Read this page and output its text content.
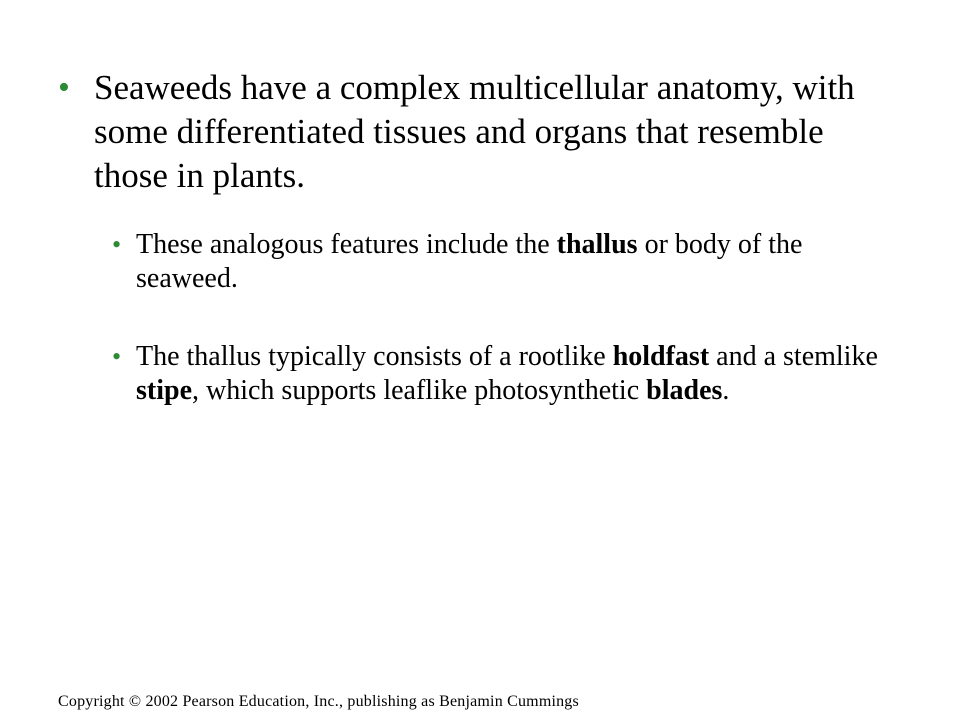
• Seaweeds have a complex multicellular anatomy, with some differentiated tissues and organs that resemble those in plants.

• These analogous features include the thallus or body of the seaweed.

• The thallus typically consists of a rootlike holdfast and a stemlike stipe, which supports leaflike photosynthetic blades.

Copyright © 2002 Pearson Education, Inc., publishing as Benjamin Cummings
